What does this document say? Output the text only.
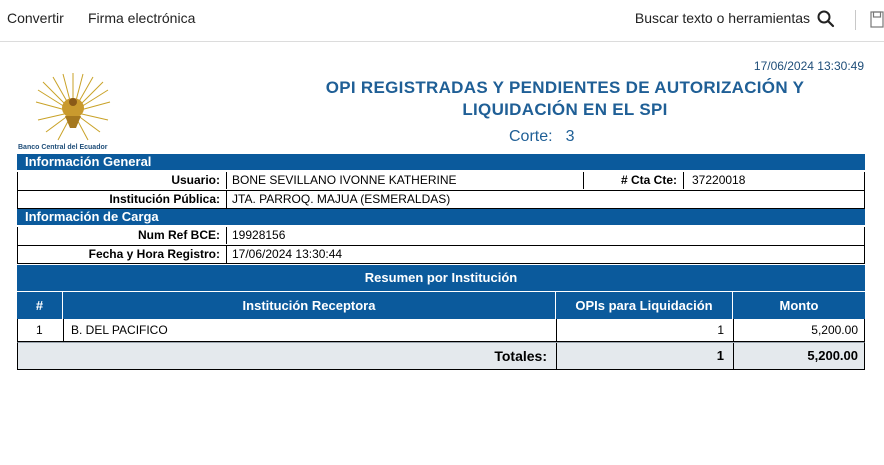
Convertir Firma electrónica	Buscar texto o herramientas
17/06/2024 13:30:49
Banco Central del Ecuador
OPI REGISTRADAS Y PENDIENTES DE AUTORIZACIÓN Y LIQUIDACIÓN EN EL SPI
Corte: 3
Información General
Usuario:	BONE SEVILLANO IVONNE KATHERINE	# Cta Cte:	37220018
Institución Pública:	JTA. PARROQ. MAJUA (ESMERALDAS)
Información de Carga
Num Ref BCE:	19928156
Fecha y Hora Registro:	17/06/2024 13:30:44
Resumen por Institución
#	Institución Receptora	OPIs para Liquidación	Monto
1	B. DEL PACIFICO	1	5,200.00
Totales:	1	5,200.00
